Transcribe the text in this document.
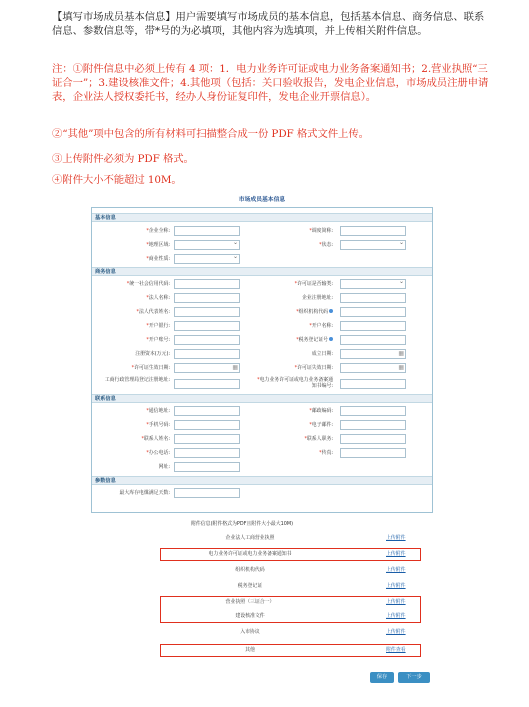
【填写市场成员基本信息】用户需要填写市场成员的基本信息，包括基本信息、商务信息、联系信息、参数信息等，带*号的为必填项，其他内容为选填项，并上传相关附件信息。

注：①附件信息中必须上传有 4 项：1．电力业务许可证或电力业务备案通知书；2.营业执照“三证合一”；3.建设核准文件；4.其他项（包括：关口验收报告，发电企业信息，市场成员注册申请表，企业法人授权委托书，经办人身份证复印件，发电企业开票信息）。

②“其他”项中包含的所有材料可扫描整合成一份 PDF 格式文件上传。

③上传附件必须为 PDF 格式。

④附件大小不能超过 10M。

市场成员基本信息
基本信息
*企业全称:	*调度简称:
*地理区域: ⌄	*状态:
⌄
*商业性质:
⌄
商务信息
*统一社会信用代码:	*许可证是否输类:
⌄
*法人名称:	企业注册地址:
*法人代表姓名:	*组织机构代码
*开户银行:	*开户名称:
*开户账号:	*税务登记证号
注册资本(万元):	成立日期:
▦
*许可证生效日期: ▦	*许可证失效日期:
▦
工商行政管理局登记注册地址:	*电力业务许可证或电力业务备案通知书编号:
联系信息
*通信地址:	*邮政编码:
*手机号码:	*电子邮件:
*联系人姓名:	*联系人职务:
*办公电话:	*传真:
网址:
参数信息
最大库存电煤满足天数:
附件信息(附件格式为PDF且附件大小最大10M)
企业法人工商营业执照	上传附件
电力业务许可证或电力业务备案通知书	上传附件
组织机构代码	上传附件
税务登记证	上传附件
营业执照（三证合一）	上传附件
建设核准文件	上传附件
入市协议	上传附件
其他	附件查看
保存	下一步
